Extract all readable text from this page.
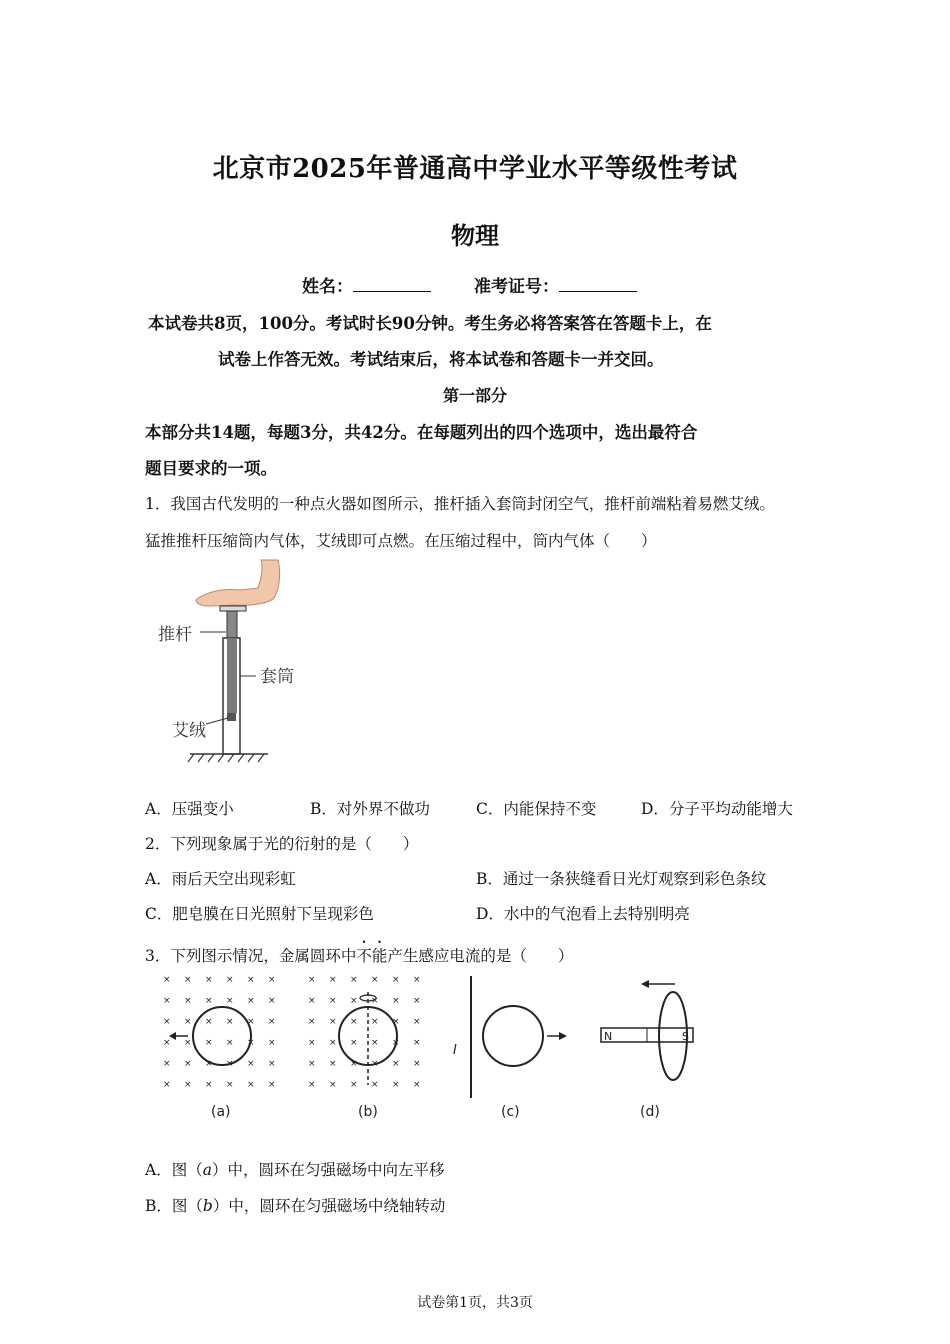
北京市2025年普通高中学业水平等级性考试
物理
姓名：	准考证号：
本试卷共8页，100分。考试时长90分钟。考生务必将答案答在答题卡上，在
试卷上作答无效。考试结束后，将本试卷和答题卡一并交回。
第一部分
本部分共14题，每题3分，共42分。在每题列出的四个选项中，选出最符合
题目要求的一项。
1．我国古代发明的一种点火器如图所示，推杆插入套筒封闭空气，推杆前端粘着易燃艾绒。
猛推推杆压缩筒内气体，艾绒即可点燃。在压缩过程中，筒内气体（　　）
推杆
套筒
艾绒
A．压强变小	B．对外界不做功	C．内能保持不变	D．分子平均动能增大
2．下列现象属于光的衍射的是（　　）
A．雨后天空出现彩虹	B．通过一条狭缝看日光灯观察到彩色条纹
C．肥皂膜在日光照射下呈现彩色	D．水中的气泡看上去特别明亮
3．下列图示情况，金属圆环中不能产生感应电流的是（　　）
× × × × × ×
× × × × × ×
× × × × × ×
× × × × × ×
× × × × × ×
× × × × × ×
× × × × × ×
× × × × × ×
× × × × × ×
× × × × × ×
× × × × × ×
× × × × × ×
I
N	S
(a)	(b)	(c)	(d)
A．图（a）中，圆环在匀强磁场中向左平移
B．图（b）中，圆环在匀强磁场中绕轴转动
试卷第1页，共3页
